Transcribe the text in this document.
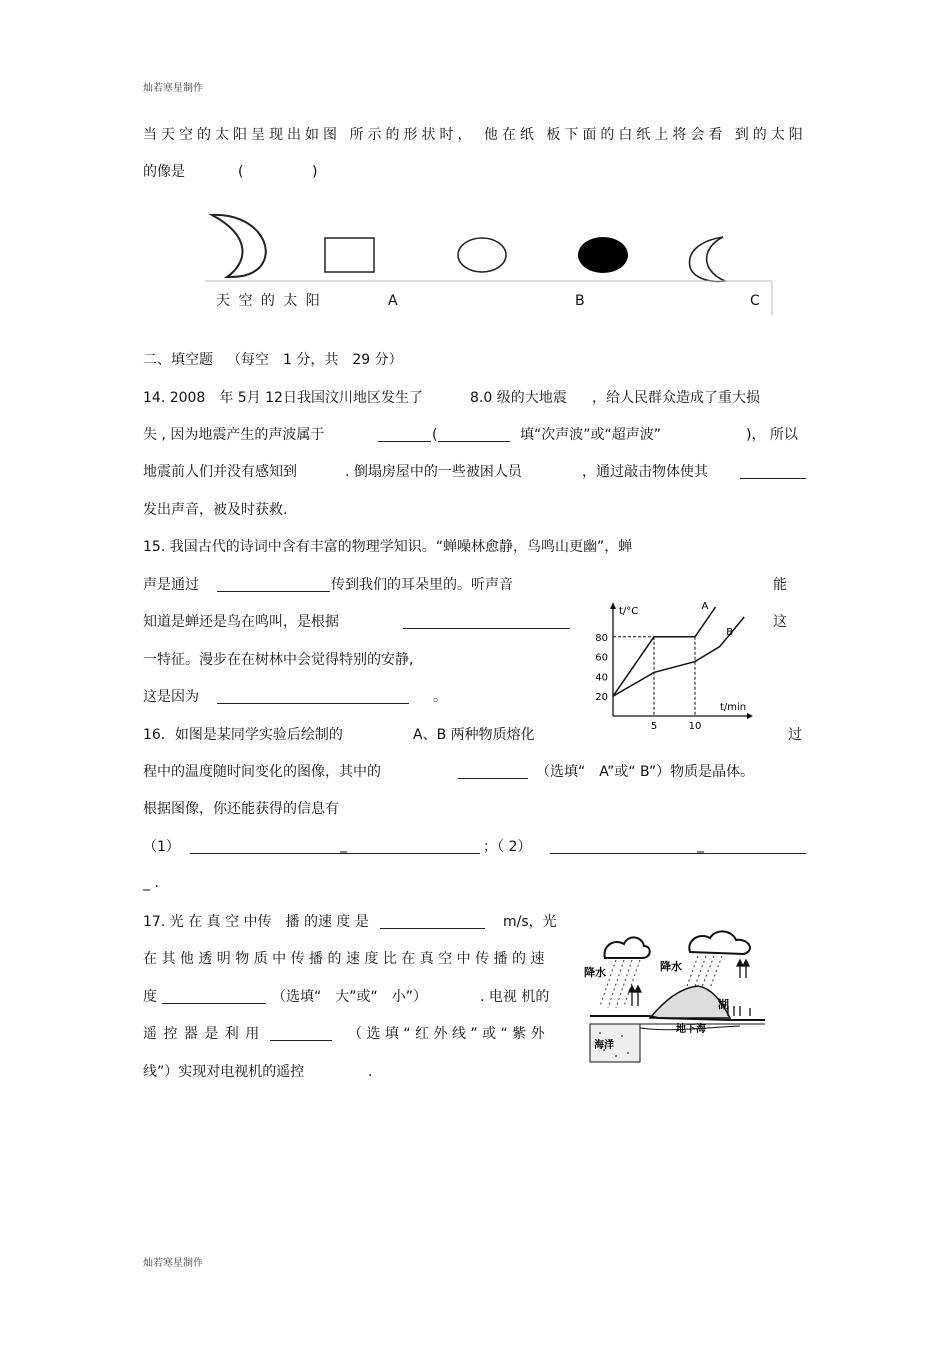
灿若寒星制作
灿若寒星制作
当天空的太阳呈现出如图 所示的形状时， 他在纸 板下面的白纸上将会看 到的太阳
的像是	(	)
天 空 的 太 阳	A	B	C
二、填空题 （每空　1 分，共　29 分）
14. 2008　年 5月 12日我国汶川地区发生了	8.0 级的大地震 ，给人民群众造成了重大损
失 , 因为地震产生的声波属于	(	填“次声波”或“超声波”	)， 所以
地震前人们并没有感知到	. 倒塌房屋中的一些被困人员	，通过敲击物体使其
发出声音，被及时获救.
15. 我国古代的诗词中含有丰富的物理学知识。“蝉噪林愈静，鸟鸣山更幽”，蝉
声是通过	传到我们的耳朵里的。听声音	能
知道是蝉还是鸟在鸣叫，是根据	这
一特征。漫步在在树林中会觉得特别的安静,
这是因为	。
t/°C
t/min
20
40
60
80
5	10
A
B
16．如图是某同学实验后绘制的	A、B 两种物质熔化	过
程中的温度随时间变化的图像，其中的	（选填“　A”或“ B”）物质是晶体。
根据图像，你还能获得的信息有
（1）	_	；（ 2）	_
_ ．
17. 光 在 真 空 中传　播 的速 度 是	m/s，光
在 其 他 透 明 物 质 中 传 播 的 速 度 比 在 真 空 中 传 播 的 速
度	（选填“　大”或“　小”）	. 电视 机的
遥 控 器 是 利 用	（ 选 填 “ 红 外 线 ” 或 “ 紫 外
线”）实现对电视机的遥控	.
降水	降水
湖
地下海
海洋
